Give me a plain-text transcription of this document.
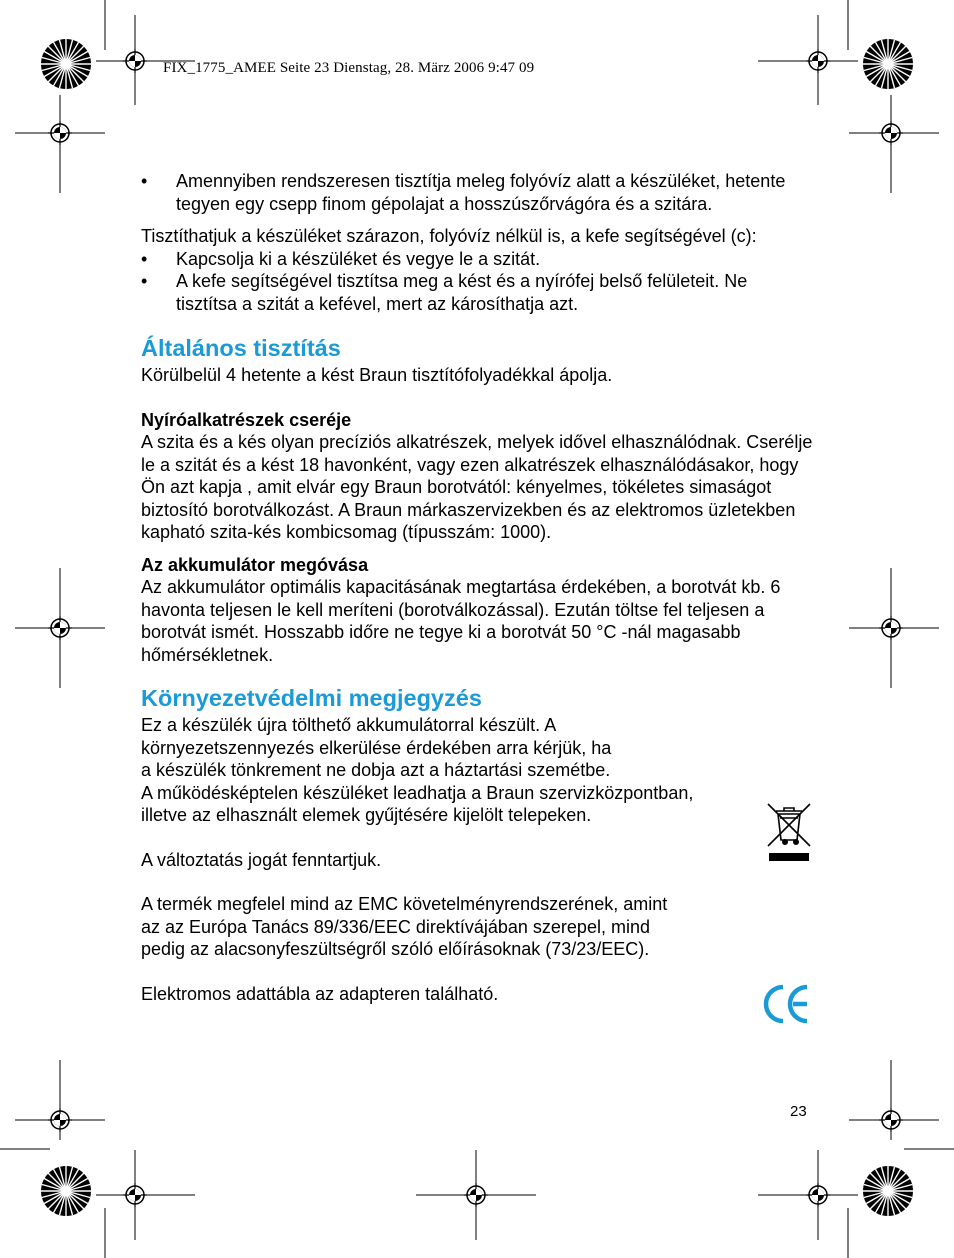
FIX_1775_AMEE Seite 23 Dienstag, 28. März 2006 9:47 09

• Amennyiben rendszeresen tisztítja meleg folyóvíz alatt a készüléket, hetente tegyen egy csepp finom gépolajat a hosszúszőrvágóra és a szitára.

Tisztíthatjuk a készüléket szárazon, folyóvíz nélkül is, a kefe segítségével (c):

• Kapcsolja ki a készüléket és vegye le a szitát.

• A kefe segítségével tisztítsa meg a kést és a nyírófej belső felületeit. Ne tisztítsa a szitát a kefével, mert az károsíthatja azt.

Általános tisztítás

Körülbelül 4 hetente a kést Braun tisztítófolyadékkal ápolja.

Nyíróalkatrészek cseréje

A szita és a kés olyan precíziós alkatrészek, melyek idővel elhasználódnak. Cserélje le a szitát és a kést 18 havonként, vagy ezen alkatrészek elhasználódásakor, hogy Ön azt kapja , amit elvár egy Braun borotvától: kényelmes, tökéletes simaságot biztosító borotválkozást. A Braun márkaszervizekben és az elektromos üzletekben kapható szita-kés kombicsomag (típusszám: 1000).

Az akkumulátor megóvása

Az akkumulátor optimális kapacitásának megtartása érdekében, a borotvát kb. 6 havonta teljesen le kell meríteni (borotválkozással). Ezután töltse fel teljesen a borotvát ismét. Hosszabb időre ne tegye ki a borotvát 50 °C -nál magasabb hőmérsékletnek.

Környezetvédelmi megjegyzés

Ez a készülék újra tölthető akkumulátorral készült. A

környezetszennyezés elkerülése érdekében arra kérjük, ha

a készülék tönkrement ne dobja azt a háztartási szemétbe.

A működésképtelen készüléket leadhatja a Braun szervizközpontban,

illetve az elhasznált elemek gyűjtésére kijelölt telepeken.

A változtatás jogát fenntartjuk.

A termék megfelel mind az EMC követelményrendszerének, amint

az az Európa Tanács 89/336/EEC direktívájában szerepel, mind

pedig az alacsonyfeszültségről szóló előírásoknak (73/23/EEC).

Elektromos adattábla az adapteren található.

23
